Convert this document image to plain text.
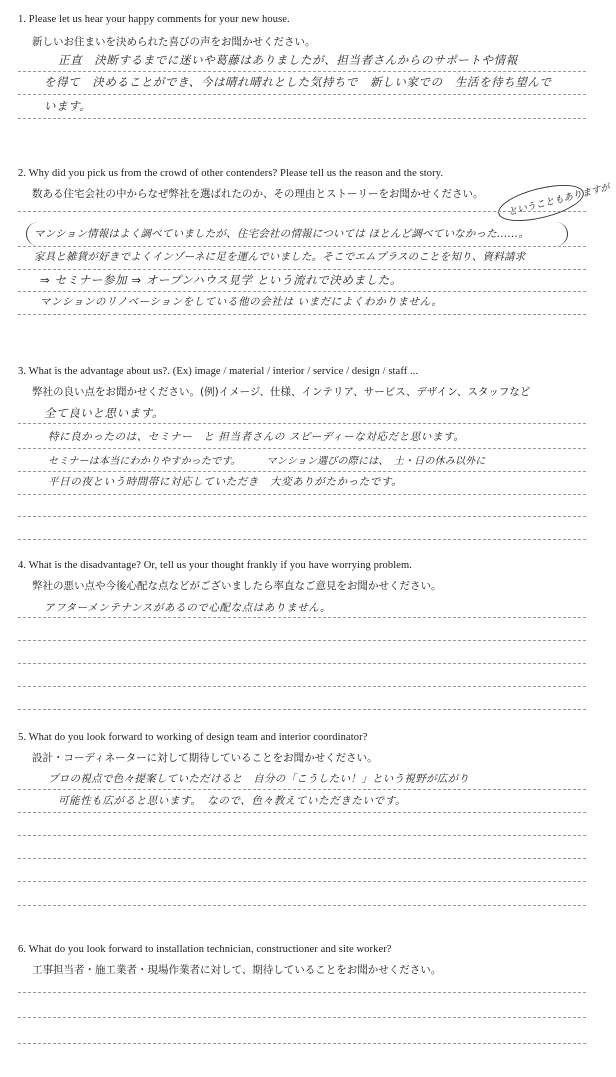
1. Please let us hear your happy comments for your new house.
新しいお住まいを決められた喜びの声をお聞かせください。
正直　決断するまでに迷いや葛藤はありましたが、担当者さんからのサポートや情報
を得て　決めることができ、今は晴れ晴れとした気持ちで　新しい家での　生活を待ち望んで
います。
2. Why did you pick us from the crowd of other contenders? Please tell us the reason and the story.
数ある住宅会社の中からなぜ弊社を選ばれたのか、その理由とストーリーをお聞かせください。 ということもありますが
マンション情報はよく調べていましたが、住宅会社の情報については ほとんど調べていなかった……。
家具と雑貨が好きでよくインゾーネに足を運んでいました。そこでエムプラスのことを知り、資料請求
⇒ セミナー参加 ⇒ オープンハウス見学 という流れで決めました。
マンションのリノベーションをしている他の会社は いまだによくわかりません。
3. What is the advantage about us?. (Ex) image / material / interior / service / design / staff ...
弊社の良い点をお聞かせください。(例)イメージ、仕様、インテリア、サービス、デザイン、スタッフなど
全て良いと思います。
特に良かったのは、セミナー　と 担当者さんの スピーディーな対応だと思います。
セミナーは本当にわかりやすかったです。　　　マンション選びの際には、　土・日の休み以外に
平日の夜という時間帯に対応していただき　大変ありがたかったです。
4. What is the disadvantage? Or, tell us your thought frankly if you have worrying problem.
弊社の悪い点や今後心配な点などがございましたら率直なご意見をお聞かせください。
アフターメンテナンスがあるので心配な点はありません。
5. What do you look forward to working of design team and interior coordinator?
設計・コーディネーターに対して期待していることをお聞かせください。
プロの視点で色々提案していただけると　自分の「こうしたい！」という視野が広がり
可能性も広がると思います。　なので、色々教えていただきたいです。
6. What do you look forward to installation technician, constructioner and site worker?
工事担当者・施工業者・現場作業者に対して、期待していることをお聞かせください。
